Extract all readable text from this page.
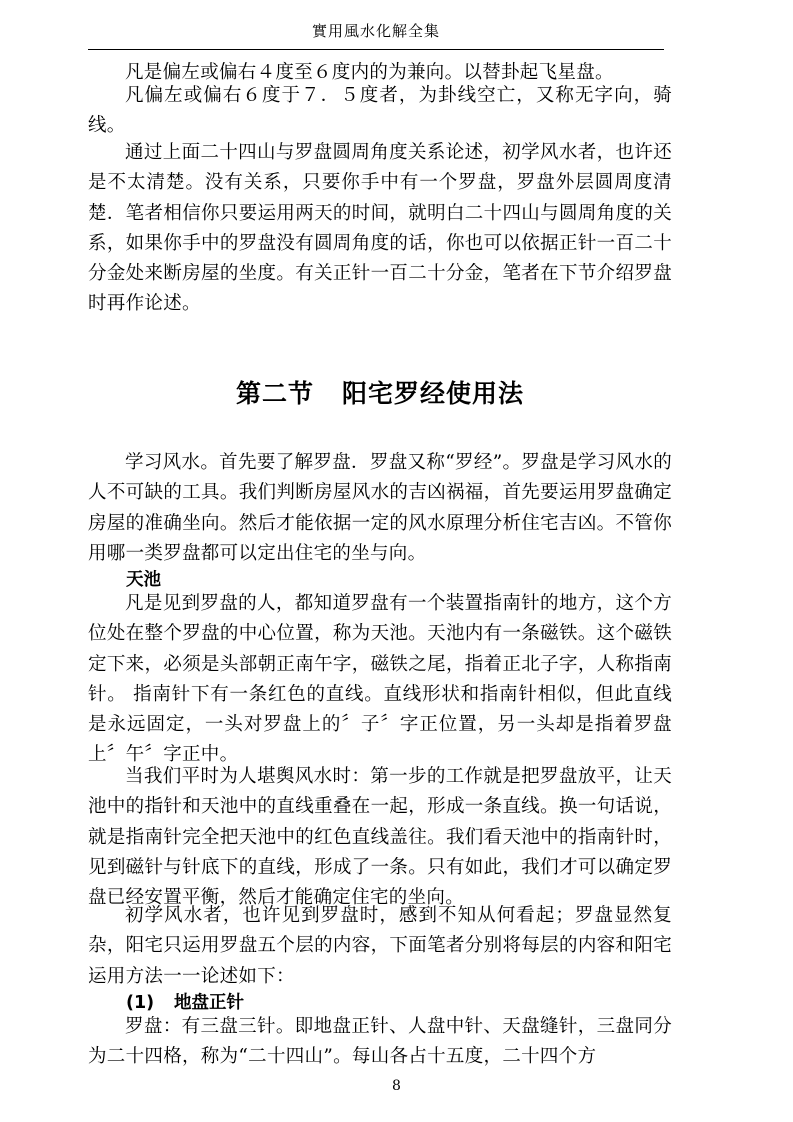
實用風水化解全集

凡是偏左或偏右４度至６度内的为兼向。以替卦起飞星盘。

凡偏左或偏右６度于７．５度者，为卦线空亡，又称无字向，骑线。

通过上面二十四山与罗盘圆周角度关系论述，初学风水者，也许还是不太清楚。没有关系，只要你手中有一个罗盘，罗盘外层圆周度清楚．笔者相信你只要运用两天的时间，就明白二十四山与圆周角度的关系，如果你手中的罗盘没有圆周角度的话，你也可以依据正针一百二十分金处来断房屋的坐度。有关正针一百二十分金，笔者在下节介绍罗盘时再作论述。

第二节 阳宅罗经使用法

学习风水。首先要了解罗盘．罗盘又称“罗经”。罗盘是学习风水的人不可缺的工具。我们判断房屋风水的吉凶祸福，首先要运用罗盘确定房屋的准确坐向。然后才能依据一定的风水原理分析住宅吉凶。不管你用哪一类罗盘都可以定出住宅的坐与向。

天池

凡是见到罗盘的人，都知道罗盘有一个装置指南针的地方，这个方位处在整个罗盘的中心位置，称为天池。天池内有一条磁铁。这个磁铁定下来，必须是头部朝正南午字，磁铁之尾，指着正北子字，人称指南针。 指南针下有一条红色的直线。直线形状和指南针相似，但此直线是永远固定，一头对罗盘上的〞子〞字正位置，另一头却是指着罗盘上〞午〞字正中。

当我们平时为人堪舆风水时：第一步的工作就是把罗盘放平，让天池中的指针和天池中的直线重叠在一起，形成一条直线。换一句话说，就是指南针完全把天池中的红色直线盖往。我们看天池中的指南针时，见到磁针与针底下的直线，形成了一条。只有如此，我们才可以确定罗盘已经安置平衡，然后才能确定住宅的坐向。

初学风水者，也许见到罗盘时，感到不知从何看起；罗盘显然复杂，阳宅只运用罗盘五个层的内容，下面笔者分别将每层的内容和阳宅运用方法一一论述如下：

(1) 地盘正针

罗盘：有三盘三针。即地盘正针、人盘中针、天盘缝针，三盘同分为二十四格，称为“二十四山”。每山各占十五度，二十四个方

8
